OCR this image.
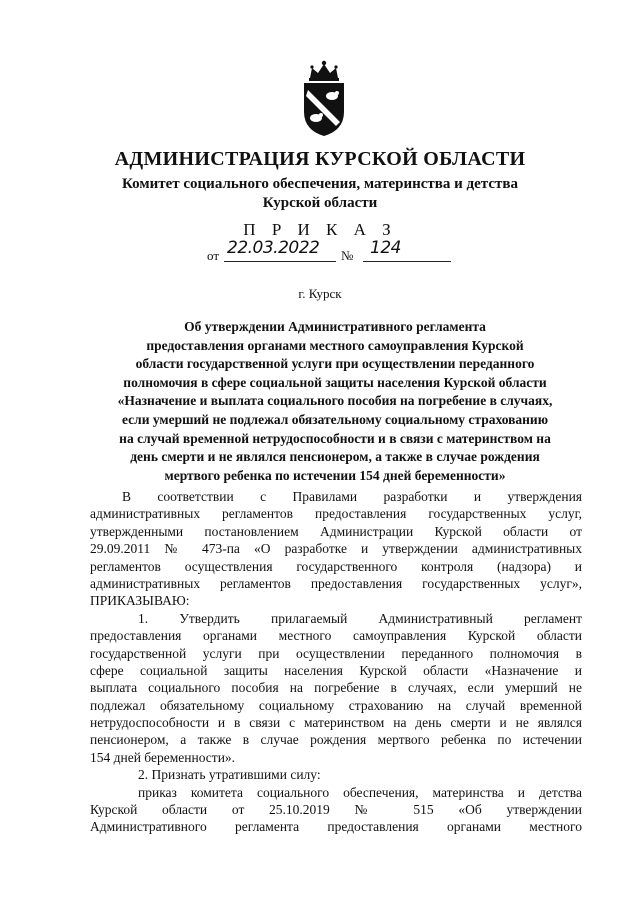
АДМИНИСТРАЦИЯ КУРСКОЙ ОБЛАСТИ
Комитет социального обеспечения, материнства и детства
Курской области
П Р И К А З
от 22.03.2022 № 124
г. Курск
Об утверждении Административного регламента
предоставления органами местного самоуправления Курской
области государственной услуги при осуществлении переданного
полномочия в сфере социальной защиты населения Курской области
«Назначение и выплата социального пособия на погребение в случаях,
если умерший не подлежал обязательному социальному страхованию
на случай временной нетрудоспособности и в связи с материнством на
день смерти и не являлся пенсионером, а также в случае рождения
мертвого ребенка по истечении 154 дней беременности»
В соответствии с Правилами разработки и утверждения
административных регламентов предоставления государственных услуг,
утвержденными постановлением Администрации Курской области от
29.09.2011 № 473-па «О разработке и утверждении административных
регламентов осуществления государственного контроля (надзора) и
административных регламентов предоставления государственных услуг»,
ПРИКАЗЫВАЮ:
1. Утвердить прилагаемый Административный регламент
предоставления органами местного самоуправления Курской области
государственной услуги при осуществлении переданного полномочия в
сфере социальной защиты населения Курской области «Назначение и
выплата социального пособия на погребение в случаях, если умерший не
подлежал обязательному социальному страхованию на случай временной
нетрудоспособности и в связи с материнством на день смерти и не являлся
пенсионером, а также в случае рождения мертвого ребенка по истечении
154 дней беременности».
2. Признать утратившими силу:
приказ комитета социального обеспечения, материнства и детства
Курской области от 25.10.2019 № 515 «Об утверждении
Административного регламента предоставления органами местного
